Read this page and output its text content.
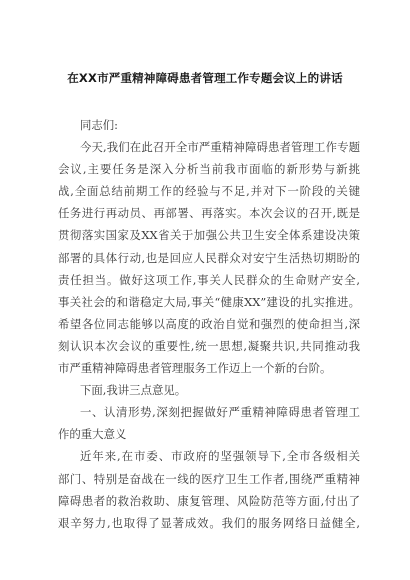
在XX市严重精神障碍患者管理工作专题会议上的讲话
同志们:
今天,我们在此召开全市严重精神障碍患者管理工作专题
会议,主要任务是深入分析当前我市面临的新形势与新挑
战,全面总结前期工作的经验与不足,并对下一阶段的关键
任务进行再动员、再部署、再落实。本次会议的召开,既是
贯彻落实国家及XX省关于加强公共卫生安全体系建设决策
部署的具体行动,也是回应人民群众对安宁生活热切期盼的
责任担当。做好这项工作,事关人民群众的生命财产安全,
事关社会的和谐稳定大局,事关“健康XX”建设的扎实推进。
希望各位同志能够以高度的政治自觉和强烈的使命担当,深
刻认识本次会议的重要性,统一思想,凝聚共识,共同推动我
市严重精神障碍患者管理服务工作迈上一个新的台阶。
下面,我讲三点意见。
一、认清形势,深刻把握做好严重精神障碍患者管理工
作的重大意义
近年来,在市委、市政府的坚强领导下,全市各级相关
部门、特别是奋战在一线的医疗卫生工作者,围绕严重精神
障碍患者的救治救助、康复管理、风险防范等方面,付出了
艰辛努力,也取得了显著成效。我们的服务网络日益健全,
